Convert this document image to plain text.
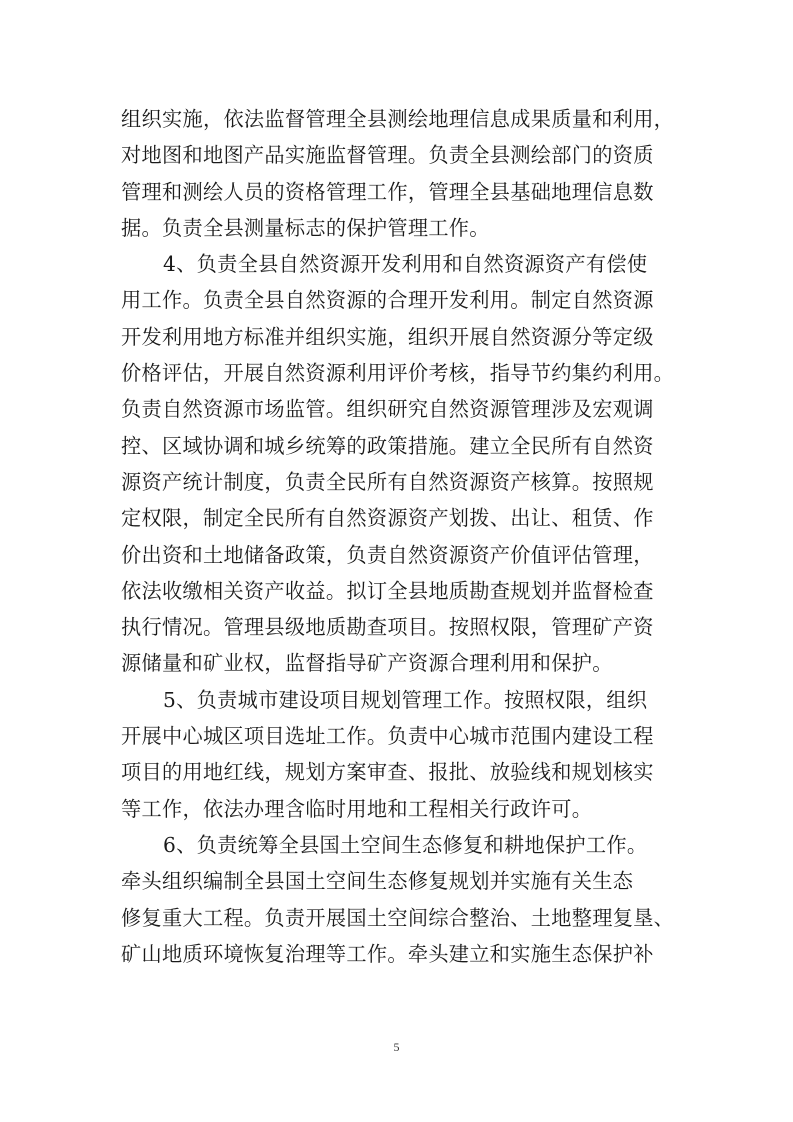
组织实施，依法监督管理全县测绘地理信息成果质量和利用，
对地图和地图产品实施监督管理。负责全县测绘部门的资质
管理和测绘人员的资格管理工作，管理全县基础地理信息数
据。负责全县测量标志的保护管理工作。
4、负责全县自然资源开发利用和自然资源资产有偿使
用工作。负责全县自然资源的合理开发利用。制定自然资源
开发利用地方标准并组织实施，组织开展自然资源分等定级
价格评估，开展自然资源利用评价考核，指导节约集约利用。
负责自然资源市场监管。组织研究自然资源管理涉及宏观调
控、区域协调和城乡统筹的政策措施。建立全民所有自然资
源资产统计制度，负责全民所有自然资源资产核算。按照规
定权限，制定全民所有自然资源资产划拨、出让、租赁、作
价出资和土地储备政策，负责自然资源资产价值评估管理，
依法收缴相关资产收益。拟订全县地质勘查规划并监督检查
执行情况。管理县级地质勘查项目。按照权限，管理矿产资
源储量和矿业权，监督指导矿产资源合理利用和保护。
5、负责城市建设项目规划管理工作。按照权限，组织
开展中心城区项目选址工作。负责中心城市范围内建设工程
项目的用地红线，规划方案审查、报批、放验线和规划核实
等工作，依法办理含临时用地和工程相关行政许可。
6、负责统筹全县国土空间生态修复和耕地保护工作。
牵头组织编制全县国土空间生态修复规划并实施有关生态
修复重大工程。负责开展国土空间综合整治、土地整理复垦、
矿山地质环境恢复治理等工作。牵头建立和实施生态保护补
5
